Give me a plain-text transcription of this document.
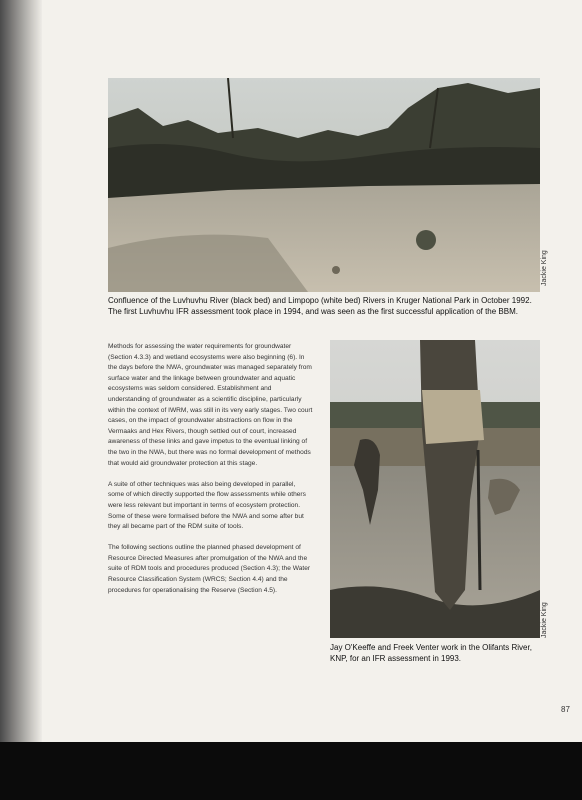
Jackie King
Confluence of the Luvhuvhu River (black bed) and Limpopo (white bed) Rivers in Kruger National Park in October 1992. The first Luvhuvhu IFR assessment took place in 1994, and was seen as the first successful application of the BBM.

Methods for assessing the water requirements for groundwater (Section 4.3.3) and wetland ecosystems were also beginning (6). In the days before the NWA, groundwater was managed separately from surface water and the linkage between groundwater and aquatic ecosystems was seldom considered. Establishment and understanding of groundwater as a scientific discipline, particularly within the context of IWRM, was still in its very early stages. Two court cases, on the impact of groundwater abstractions on flow in the Vermaaks and Hex Rivers, though settled out of court, increased awareness of these links and gave impetus to the eventual linking of the two in the NWA, but there was no formal development of methods that would aid groundwater protection at this stage.

A suite of other techniques was also being developed in parallel, some of which directly supported the flow assessments while others were less relevant but important in terms of ecosystem protection. Some of these were formalised before the NWA and some after but they all became part of the RDM suite of tools.

The following sections outline the planned phased development of Resource Directed Measures after promulgation of the NWA and the suite of RDM tools and procedures produced (Section 4.3); the Water Resource Classification System (WRCS; Section 4.4) and the procedures for operationalising the Reserve (Section 4.5).

Jackie King
Jay O'Keeffe and Freek Venter work in the Olifants River, KNP, for an IFR assessment in 1993.
87
